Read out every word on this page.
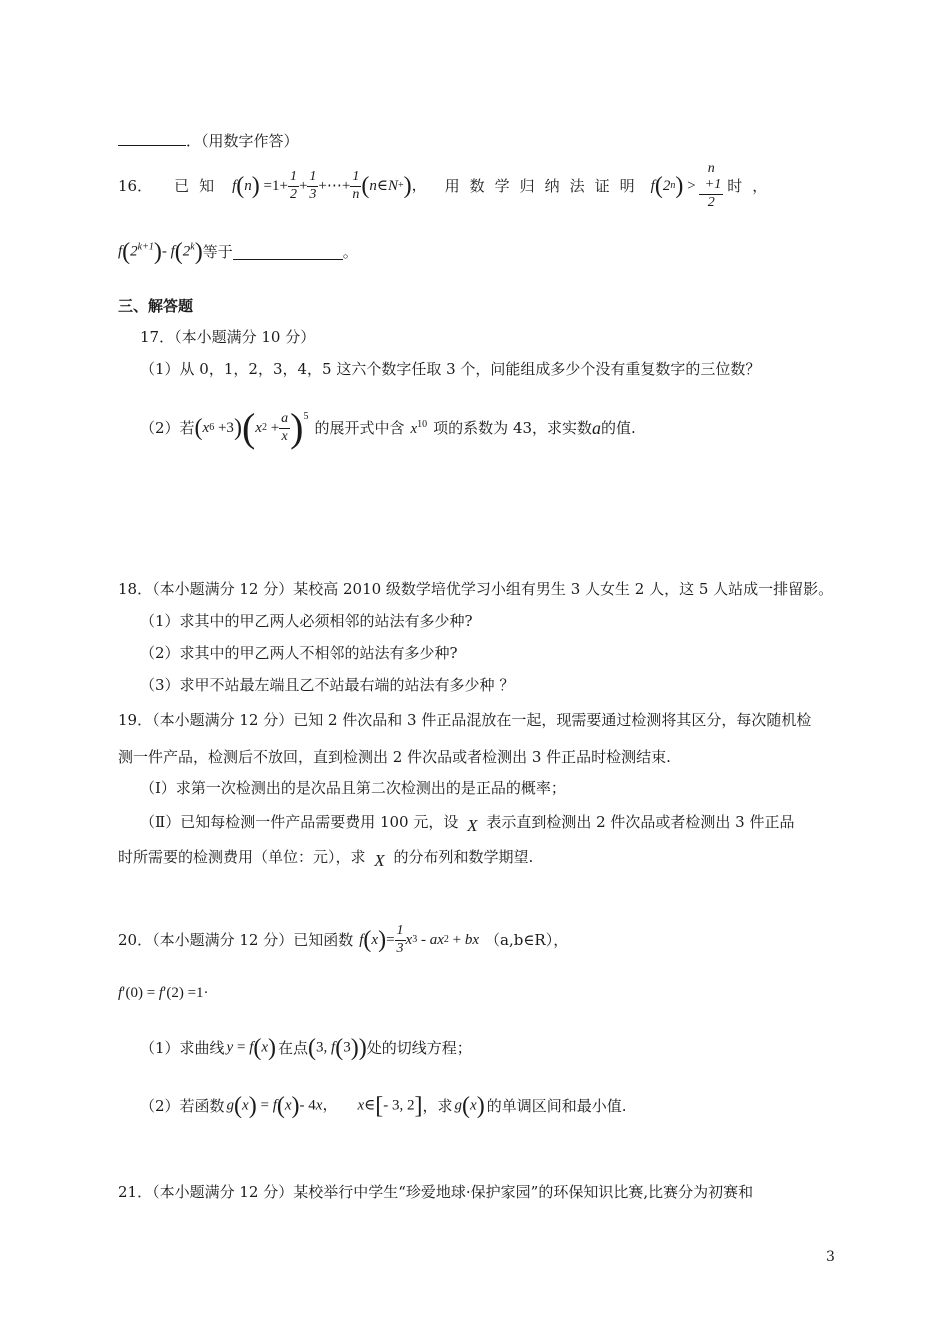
．（用数字作答）
16． 已知 f ( n ) $=1+ \frac{1}{2} + \frac{1}{3}$ +⋯+ $\frac{1}{n}$ ( n ∈ N + ) ， 用数学归纳法证明 f ( 2 n ) > n
+1
2 时，
$f(2^{k+1})-$ f(2$^k$) 等于	。
三、解答题
17．（本小题满分 10 分）
（1）从 0，1，2，3，4，5 这六个数字任取 3 个，问能组成多少个没有重复数字的三位数？
（2）若 ( x 6 +3 ) ( x $2 + \frac{a}{x} )^5$
的展开式中含 $x^{10}$ 项的系数为 43，求实数 a 的值.
18．（本小题满分 12 分）某校高 2010 级数学培优学习小组有男生 3 人女生 2 人，这 5 人站成一排留影。
（1）求其中的甲乙两人必须相邻的站法有多少种?
（2）求其中的甲乙两人不相邻的站法有多少种?
（3）求甲不站最左端且乙不站最右端的站法有多少种 ？
19．（本小题满分 12 分）已知 2 件次品和 3 件正品混放在一起，现需要通过检测将其区分，每次随机检
测一件产品，检测后不放回，直到检测出 2 件次品或者检测出 3 件正品时检测结束.
（Ⅰ）求第一次检测出的是次品且第二次检测出的是正品的概率；
（Ⅱ）已知每检测一件产品需要费用 100 元，设 X 表示直到检测出 2 件次品或者检测出 3 件正品
时所需要的检测费用（单位：元），求 X 的分布列和数学期望.
20．（本小题满分 12 分）已知函数 f ( x ) = $\frac{1}{3}$ x 3 - ax 2 + bx （a,b∈R），
f′(0) = f′(2) =1·
（1）求曲线 y = f(x) 在点 (3, f(3)) 处的切线方程；
（2）若函数 g(x) = f(x)- 4x， x∈[- 3, 2] ，求 g(x) 的单调区间和最小值.
21．（本小题满分 12 分）某校举行中学生“珍爱地球·保护家园”的环保知识比赛,比赛分为初赛和
3
